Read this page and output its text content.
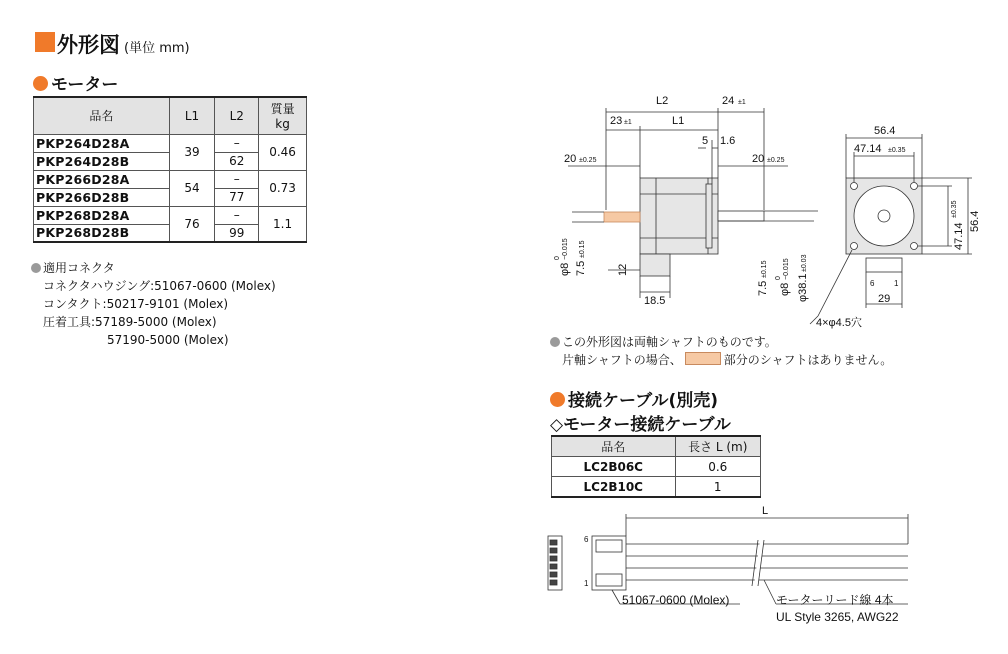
外形図 (単位 mm)
モーター
品名	L1	L2	質量
kg
PKP264D28A	39	–	0.46
PKP264D28B		62	
PKP266D28A	54	–	0.73
PKP266D28B		77	
PKP268D28A	76	–	1.1
PKP268D28B		99	
適用コネクタ
コネクタハウジング:51067-0600 (Molex)
コンタクト:50217-9101 (Molex)
圧着工具:57189-5000 (Molex)
57190-5000 (Molex)
L2	24 ±1
23 ±1	L1
5 1.6
20 ±0.25	20 ±0.25
φ8
0 −0.015
7.5
±0.15
12
18.5
7.5
±0.15
φ8
0 −0.015
φ38.1
±0.03
56.4
47.14 ±0.35
47.14
±0.35
56.4
6 1
29
4×φ4.5穴
この外形図は両軸シャフトのものです。
片軸シャフトの場合、	部分のシャフトはありません。
接続ケーブル(別売)
◇モーター接続ケーブル
品名	長さ L (m)
LC2B06C	0.6
LC2B10C	1
L
6
1
51067-0600 (Molex)	モーターリード線 4本
UL Style 3265, AWG22
